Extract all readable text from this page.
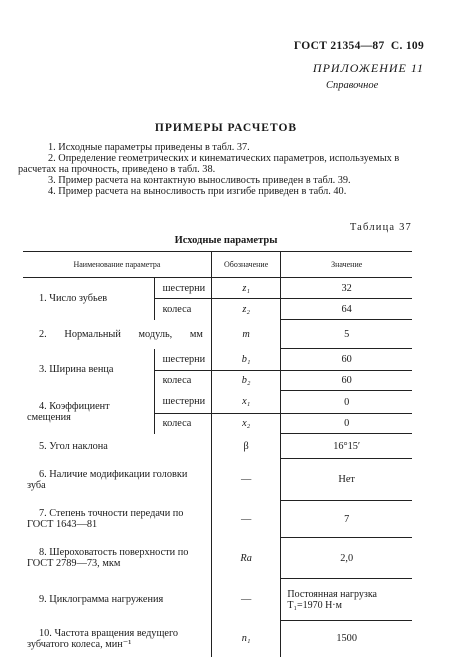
ГОСТ 21354—87 С. 109
ПРИЛОЖЕНИЕ 11
Справочное
ПРИМЕРЫ РАСЧЕТОВ

1. Исходные параметры приведены в табл. 37.

2. Определение геометрических и кинематических параметров, используемых в расчетах на прочность, приведено в табл. 38.

3. Пример расчета на контактную выносливость приведен в табл. 39.

4. Пример расчета на выносливость при изгибе приведен в табл. 40.

Таблица 37
Исходные параметры
Наименование параметра		Обозначение	Значение
1. Число зубьев	шестерни	z₁	32
	колеса	z₂	64
2. Нормальный модуль, мм		m	5
3. Ширина венца	шестерни	b₁	60
	колеса	b₂	60
4. Коэффициент смещения	шестерни	x₁	0
	колеса	x₂	0
5. Угол наклона		β	16°15′
6. Наличие модификации головки зуба		—	Нет
7. Степень точности передачи по ГОСТ 1643—81		—	7
8. Шероховатость поверхности по ГОСТ 2789—73, мкм		Ra	2,0
9. Циклограмма нагружения		—	Постоянная нагрузка T₁=1970 Н·м
10. Частота вращения ведущего зубчатого колеса, мин⁻¹		n₁	1500
